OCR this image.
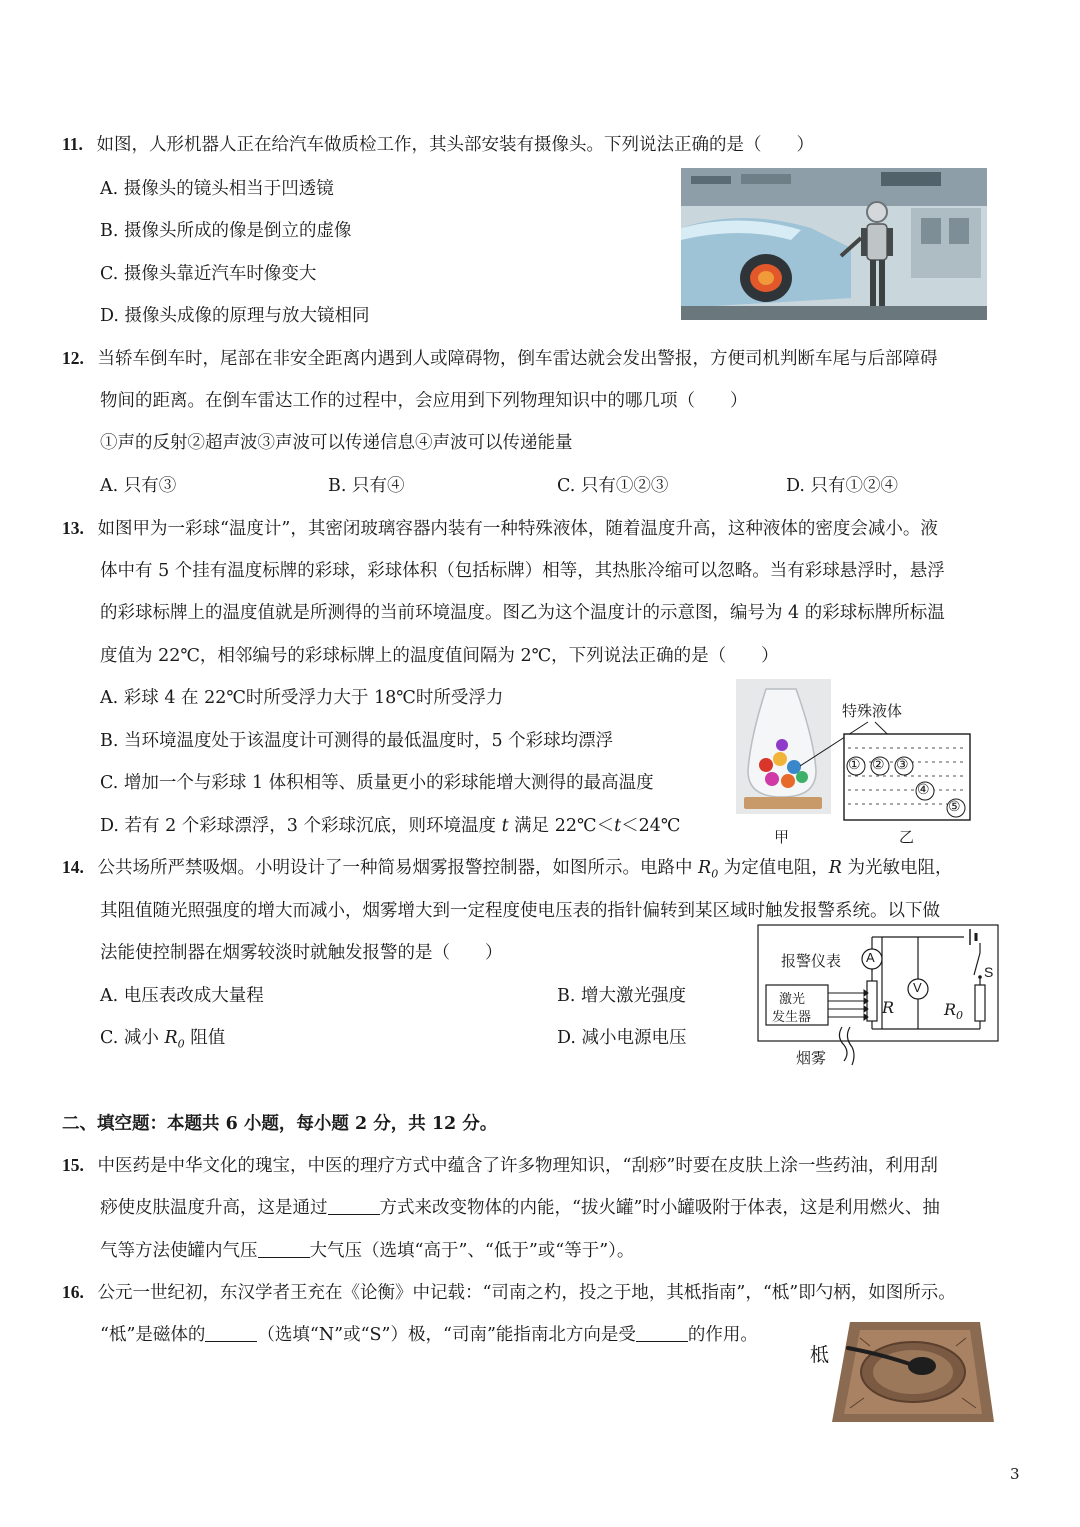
11. 如图，人形机器人正在给汽车做质检工作，其头部安装有摄像头。下列说法正确的是（　　）
A. 摄像头的镜头相当于凹透镜
B. 摄像头所成的像是倒立的虚像
C. 摄像头靠近汽车时像变大
D. 摄像头成像的原理与放大镜相同
12. 当轿车倒车时，尾部在非安全距离内遇到人或障碍物，倒车雷达就会发出警报，方便司机判断车尾与后部障碍
物间的距离。在倒车雷达工作的过程中，会应用到下列物理知识中的哪几项（　　）
①声的反射②超声波③声波可以传递信息④声波可以传递能量
A. 只有③	B. 只有④	C. 只有①②③	D. 只有①②④
13. 如图甲为一彩球“温度计”，其密闭玻璃容器内装有一种特殊液体，随着温度升高，这种液体的密度会减小。液
体中有 5 个挂有温度标牌的彩球，彩球体积（包括标牌）相等，其热胀冷缩可以忽略。当有彩球悬浮时，悬浮
的彩球标牌上的温度值就是所测得的当前环境温度。图乙为这个温度计的示意图，编号为 4 的彩球标牌所标温
度值为 22℃，相邻编号的彩球标牌上的温度值间隔为 2℃，下列说法正确的是（　　）
A. 彩球 4 在 22℃时所受浮力大于 18℃时所受浮力
B. 当环境温度处于该温度计可测得的最低温度时，5 个彩球均漂浮
C. 增加一个与彩球 1 体积相等、质量更小的彩球能增大测得的最高温度
D. 若有 2 个彩球漂浮，3 个彩球沉底，则环境温度 t 满足 22℃＜t＜24℃
甲
特殊液体
① ② ③
④
⑤
乙
14. 公共场所严禁吸烟。小明设计了一种简易烟雾报警控制器，如图所示。电路中 $R_0$ 为定值电阻，R 为光敏电阻，
其阻值随光照强度的增大而减小，烟雾增大到一定程度使电压表的指针偏转到某区域时触发报警系统。以下做
法能使控制器在烟雾较淡时就触发报警的是（　　）
A. 电压表改成大量程	B. 增大激光强度
C. 减小 $R_0$ 阻值	D. 减小电源电压
报警仪表 A
V
激光
发生器
R	$R_0$
S
烟雾
二、填空题：本题共 6 小题，每小题 2 分，共 12 分。
15. 中医药是中华文化的瑰宝，中医的理疗方式中蕴含了许多物理知识，“刮痧”时要在皮肤上涂一些药油，利用刮
痧使皮肤温度升高，这是通过	方式来改变物体的内能，“拔火罐”时小罐吸附于体表，这是利用燃火、抽
气等方法使罐内气压	大气压（选填“高于”、“低于”或“等于”）。
16. 公元一世纪初，东汉学者王充在《论衡》中记载：“司南之杓，投之于地，其柢指南”，“柢”即勺柄，如图所示。
“柢”是磁体的	（选填“N”或“S”）极，“司南”能指南北方向是受	的作用。
柢
3
